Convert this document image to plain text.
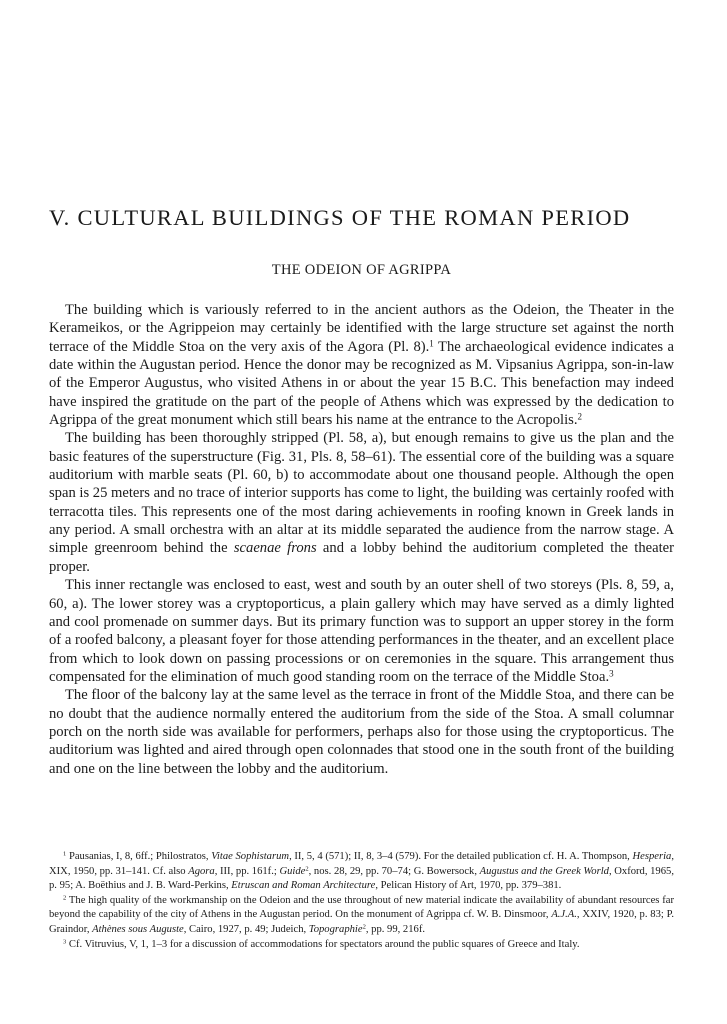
V. CULTURAL BUILDINGS OF THE ROMAN PERIOD
THE ODEION OF AGRIPPA

The building which is variously referred to in the ancient authors as the Odeion, the Theater in the Kerameikos, or the Agrippeion may certainly be identified with the large structure set against the north terrace of the Middle Stoa on the very axis of the Agora (Pl. 8).$^1$ The archaeological evidence indicates a date within the Augustan period. Hence the donor may be recognized as M. Vipsanius Agrippa, son-in-law of the Emperor Augustus, who visited Athens in or about the year 15 B.C. This benefaction may indeed have inspired the gratitude on the part of the people of Athens which was expressed by the dedication to Agrippa of the great monument which still bears his name at the entrance to the Acropolis.$^2$

The building has been thoroughly stripped (Pl. 58, a), but enough remains to give us the plan and the basic features of the superstructure (Fig. 31, Pls. 8, 58–61). The essential core of the building was a square auditorium with marble seats (Pl. 60, b) to accommodate about one thousand people. Although the open span is 25 meters and no trace of interior supports has come to light, the building was certainly roofed with terracotta tiles. This represents one of the most daring achievements in roofing known in Greek lands in any period. A small orchestra with an altar at its middle separated the audience from the narrow stage. A simple greenroom behind the scaenae frons and a lobby behind the auditorium completed the theater proper.

This inner rectangle was enclosed to east, west and south by an outer shell of two storeys (Pls. 8, 59, a, 60, a). The lower storey was a cryptoporticus, a plain gallery which may have served as a dimly lighted and cool promenade on summer days. But its primary function was to support an upper storey in the form of a roofed balcony, a pleasant foyer for those attending performances in the theater, and an excellent place from which to look down on passing processions or on ceremonies in the square. This arrangement thus compensated for the elimination of much good standing room on the terrace of the Middle Stoa.$^3$

The floor of the balcony lay at the same level as the terrace in front of the Middle Stoa, and there can be no doubt that the audience normally entered the auditorium from the side of the Stoa. A small columnar porch on the north side was available for performers, perhaps also for those using the cryptoporticus. The auditorium was lighted and aired through open colonnades that stood one in the south front of the building and one on the line between the lobby and the auditorium.

$^1$ Pausanias, I, 8, 6ff.; Philostratos, Vitae Sophistarum, II, 5, 4 (571); II, 8, 3–4 (579). For the detailed publication cf. H. A. Thompson, Hesperia, XIX, 1950, pp. 31–141. Cf. also Agora, III, pp. 161f.; Guide$^2$, nos. 28, 29, pp. 70–74; G. Bowersock, Augustus and the Greek World, Oxford, 1965, p. 95; A. Boëthius and J. B. Ward-Perkins, Etruscan and Roman Architecture, Pelican History of Art, 1970, pp. 379–381.

$^2$ The high quality of the workmanship on the Odeion and the use throughout of new material indicate the availability of abundant resources far beyond the capability of the city of Athens in the Augustan period. On the monument of Agrippa cf. W. B. Dinsmoor, A.J.A., XXIV, 1920, p. 83; P. Graindor, Athènes sous Auguste, Cairo, 1927, p. 49; Judeich, Topographie$^2$, pp. 99, 216f.

$^3$ Cf. Vitruvius, V, 1, 1–3 for a discussion of accommodations for spectators around the public squares of Greece and Italy.
